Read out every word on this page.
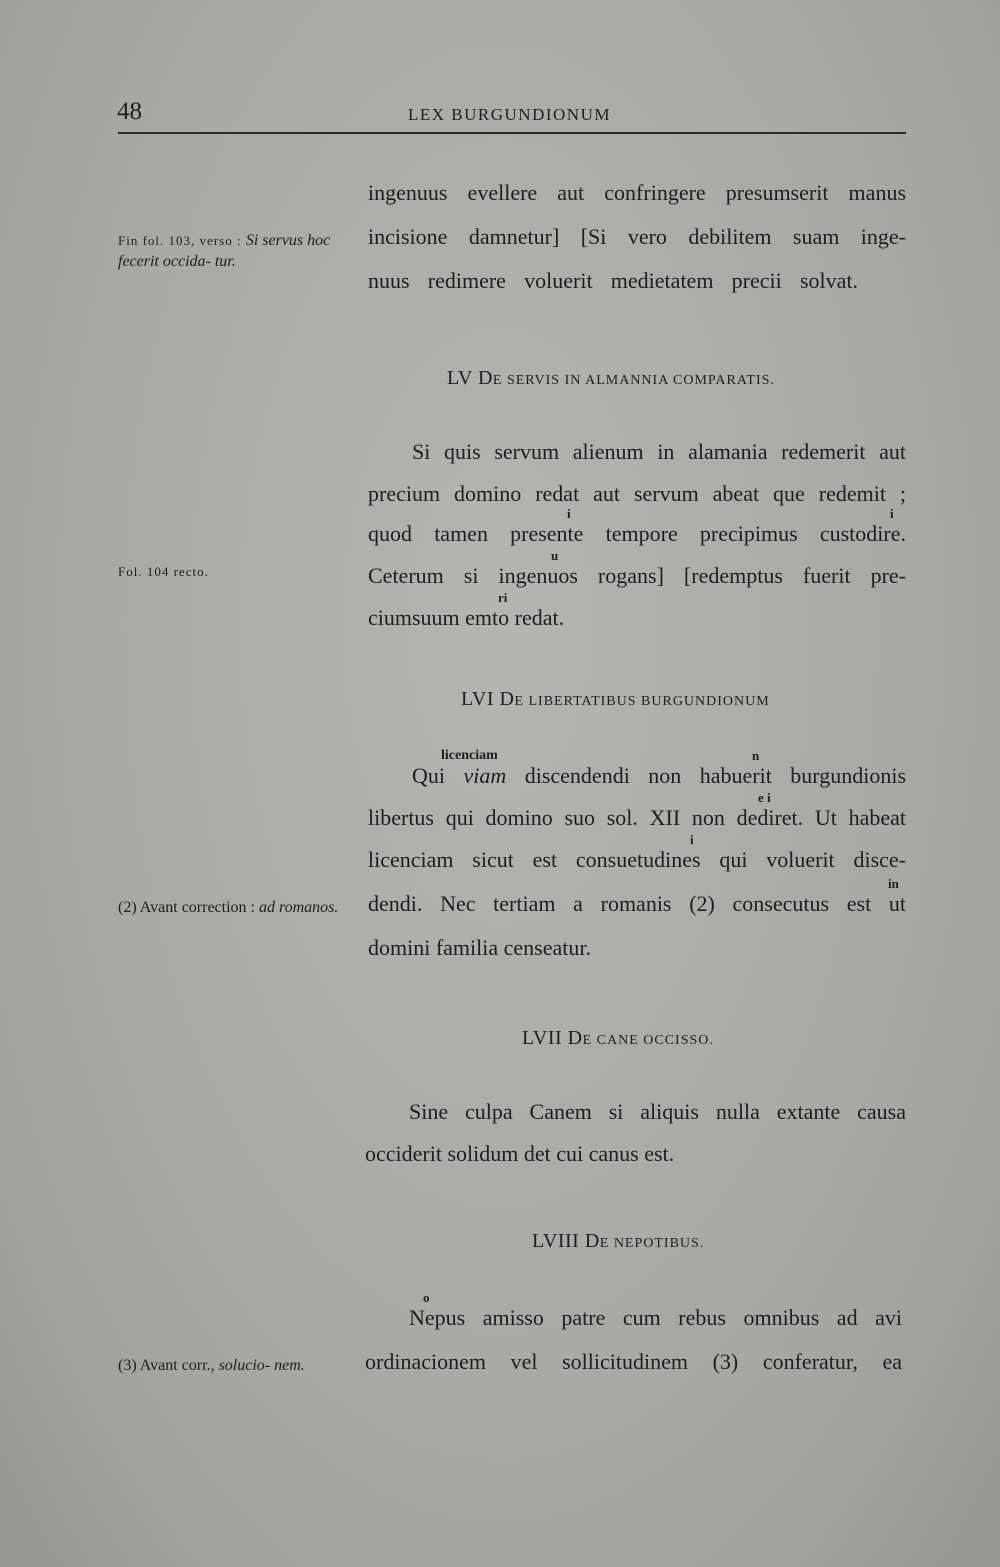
48	LEX BURGUNDIONUM
ingenuus evellere aut confringere presumserit manus
incisione damnetur] [Si vero debilitem suam inge-
nuus redimere voluerit medietatem precii solvat.
LV DE SERVIS IN ALMANNIA COMPARATIS.
Si quis servum alienum in alamania redemerit aut
precium domino redat aut servum abeat que redemit ;
i	i
quod tamen presente tempore precipimus custodire.
u
Ceterum si ingenuos rogans] [redemptus fuerit pre-
ri
ciumsuum emto redat.
LVI DE LIBERTATIBUS BURGUNDIONUM
licenciam	n
Qui viam discendendi non habuerit burgundionis
e i
libertus qui domino suo sol. XII non dediret. Ut habeat
i
licenciam sicut est consuetudines qui voluerit disce-
in
dendi. Nec tertiam a romanis (2) consecutus est ut
domini familia censeatur.
LVII DE CANE OCCISSO.
Sine culpa Canem si aliquis nulla extante causa
occiderit solidum det cui canus est.
LVIII DE NEPOTIBUS.
o
Nepus amisso patre cum rebus omnibus ad avi
ordinacionem vel sollicitudinem (3) conferatur, ea
Fin fol. 103, verso : Si servus hoc fecerit occida- tur.
Fol. 104 recto.
(2) Avant correction : ad romanos.
(3) Avant corr., solucio- nem.
